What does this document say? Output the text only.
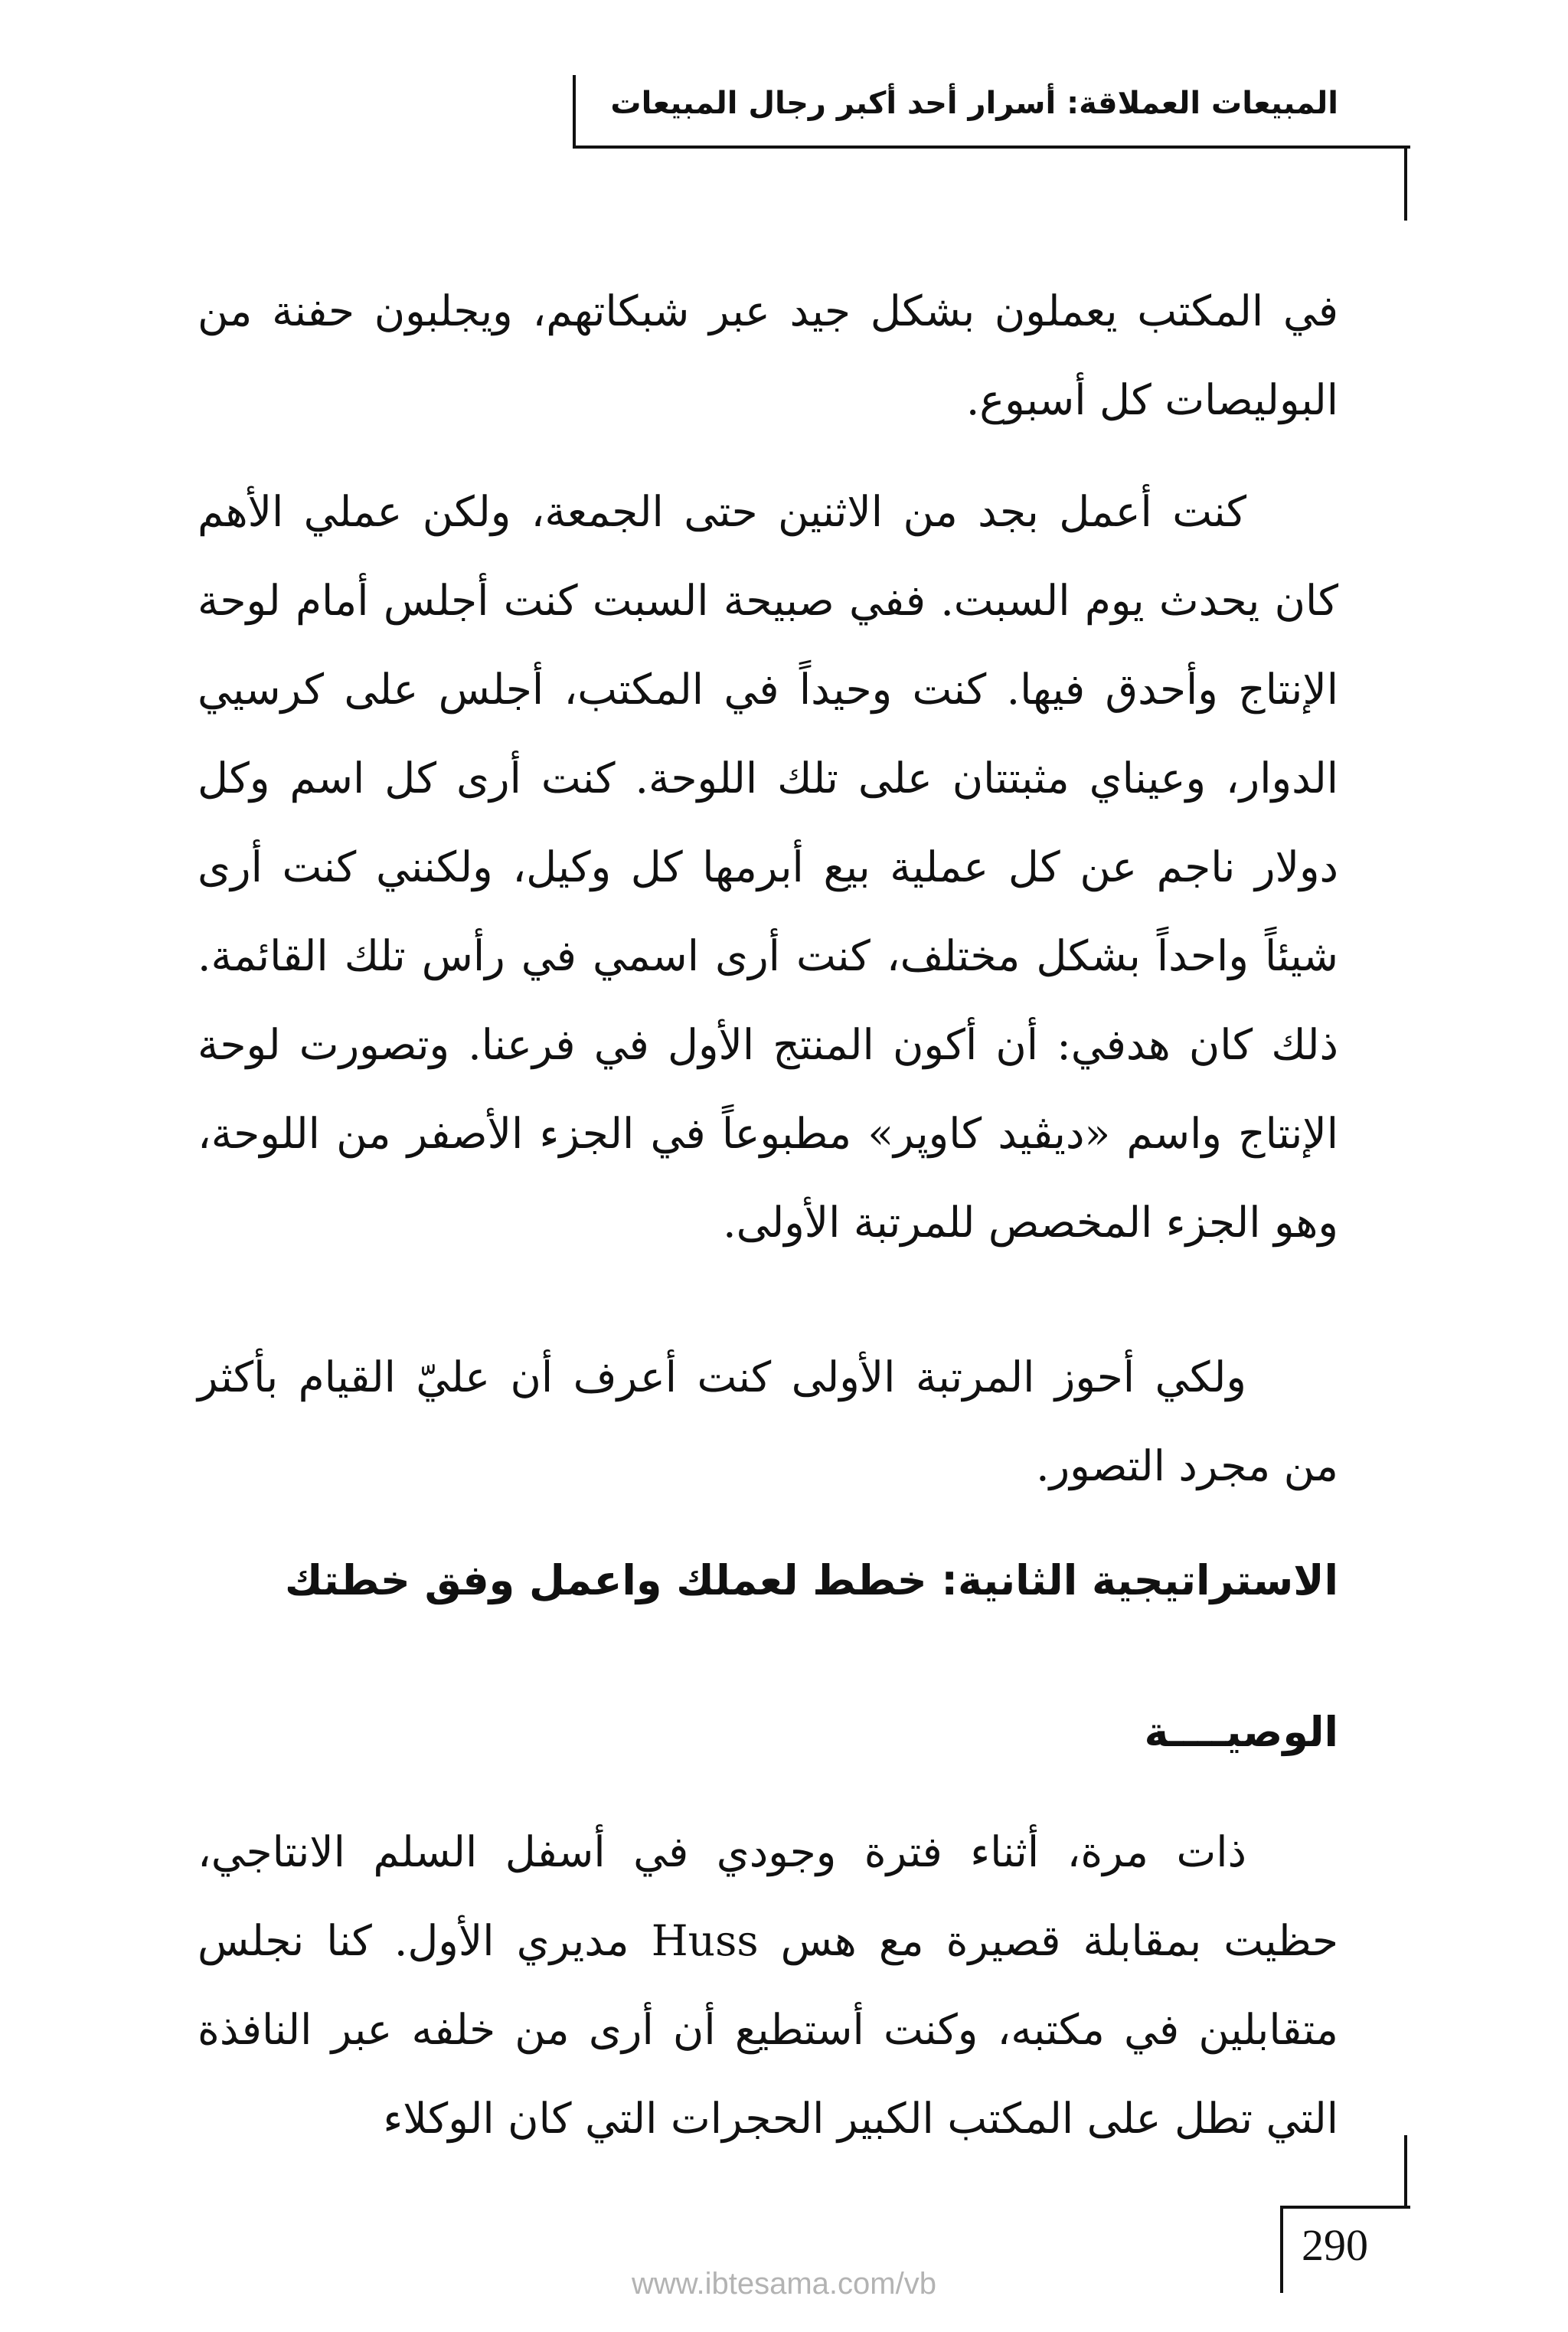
المبيعات العملاقة: أسرار أحد أكبر رجال المبيعات

في المكتب يعملون بشكل جيد عبر شبكاتهم، ويجلبون حفنة من البوليصات كل أسبوع.

كنت أعمل بجد من الاثنين حتى الجمعة، ولكن عملي الأهم كان يحدث يوم السبت. ففي صبيحة السبت كنت أجلس أمام لوحة الإنتاج وأحدق فيها. كنت وحيداً في المكتب، أجلس على كرسيي الدوار، وعيناي مثبتتان على تلك اللوحة. كنت أرى كل اسم وكل دولار ناجم عن كل عملية بيع أبرمها كل وكيل، ولكنني كنت أرى شيئاً واحداً بشكل مختلف، كنت أرى اسمي في رأس تلك القائمة. ذلك كان هدفي: أن أكون المنتج الأول في فرعنا. وتصورت لوحة الإنتاج واسم «ديڤيد كاوپر» مطبوعاً في الجزء الأصفر من اللوحة، وهو الجزء المخصص للمرتبة الأولى.

ولكي أحوز المرتبة الأولى كنت أعرف أن عليّ القيام بأكثر من مجرد التصور.

الاستراتيجية الثانية: خطط لعملك واعمل وفق خطتك
الوصيــــة

ذات مرة، أثناء فترة وجودي في أسفل السلم الانتاجي، حظيت بمقابلة قصيرة مع هس Huss مديري الأول. كنا نجلس متقابلين في مكتبه، وكنت أستطيع أن أرى من خلفه عبر النافذة التي تطل على المكتب الكبير الحجرات التي كان الوكلاء

290
www.ibtesama.com/vb
